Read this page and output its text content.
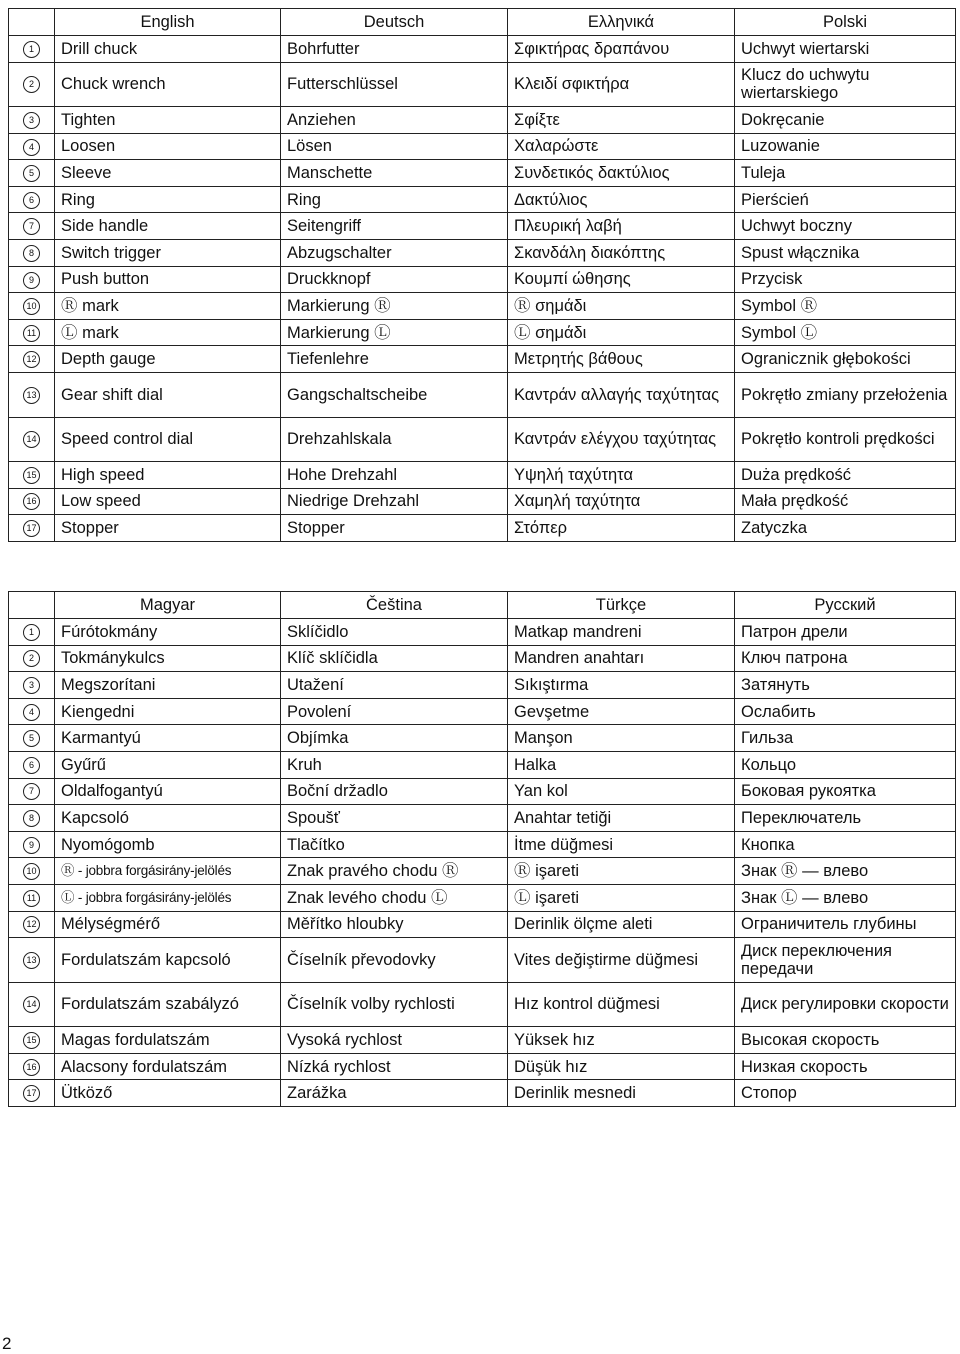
	English	Deutsch	Ελληνικά	Polski
1	Drill chuck	Bohrfutter	Σφικτήρας δραπάνου	Uchwyt wiertarski
2	Chuck wrench	Futterschlüssel	Κλειδί σφικτήρα	Klucz do uchwytu wiertarskiego
3	Tighten	Anziehen	Σφίξτε	Dokręcanie
4	Loosen	Lösen	Χαλαρώστε	Luzowanie
5	Sleeve	Manschette	Συνδετικός δακτύλιος	Tuleja
6	Ring	Ring	Δακτύλιος	Pierścień
7	Side handle	Seitengriff	Πλευρική λαβή	Uchwyt boczny
8	Switch trigger	Abzugschalter	Σκανδάλη διακόπτης	Spust włącznika
9	Push button	Druckknopf	Κουμπί ώθησης	Przycisk
10	Ⓡ mark	Markierung Ⓡ	Ⓡ σημάδι	Symbol Ⓡ
11	Ⓛ mark	Markierung Ⓛ	Ⓛ σημάδι	Symbol Ⓛ
12	Depth gauge	Tiefenlehre	Μετρητής βάθους	Ogranicznik głębokości
13	Gear shift dial	Gangschaltscheibe	Καντράν αλλαγής ταχύτητας	Pokrętło zmiany przełożenia
14	Speed control dial	Drehzahlskala	Καντράν ελέγχου ταχύτητας	Pokrętło kontroli prędkości
15	High speed	Hohe Drehzahl	Υψηλή ταχύτητα	Duża prędkość
16	Low speed	Niedrige Drehzahl	Χαμηλή ταχύτητα	Mała prędkość
17	Stopper	Stopper	Στόπερ	Zatyczka
	Magyar	Čeština	Türkçe	Русский
1	Fúrótokmány	Sklíčidlo	Matkap mandreni	Патрон дрели
2	Tokmánykulcs	Klíč sklíčidla	Mandren anahtarı	Ключ патрона
3	Megszorítani	Utažení	Sıkıştırma	Затянуть
4	Kiengedni	Povolení	Gevşetme	Ослабить
5	Karmantyú	Objímka	Manşon	Гильза
6	Gyűrű	Kruh	Halka	Кольцо
7	Oldalfogantyú	Boční držadlo	Yan kol	Боковая рукоятка
8	Kapcsoló	Spoušť	Anahtar tetiği	Переключатель
9	Nyomógomb	Tlačítko	İtme düğmesi	Кнопка
10	Ⓡ - jobbra forgásirány-jelölés	Znak pravého chodu Ⓡ	Ⓡ işareti	Знак Ⓡ — влево
11	Ⓛ - jobbra forgásirány-jelölés	Znak levého chodu Ⓛ	Ⓛ işareti	Знак Ⓛ — влево
12	Mélységmérő	Měřítko hloubky	Derinlik ölçme aleti	Ограничитель глубины
13	Fordulatszám kapcsoló	Číselník převodovky	Vites değiştirme düğmesi	Диск переключения передачи
14	Fordulatszám szabályzó	Číselník volby rychlosti	Hız kontrol düğmesi	Диск регулировки скорости
15	Magas fordulatszám	Vysoká rychlost	Yüksek hız	Высокая скорость
16	Alacsony fordulatszám	Nízká rychlost	Düşük hız	Низкая скорость
17	Ütköző	Zarážka	Derinlik mesnedi	Стопор
2
